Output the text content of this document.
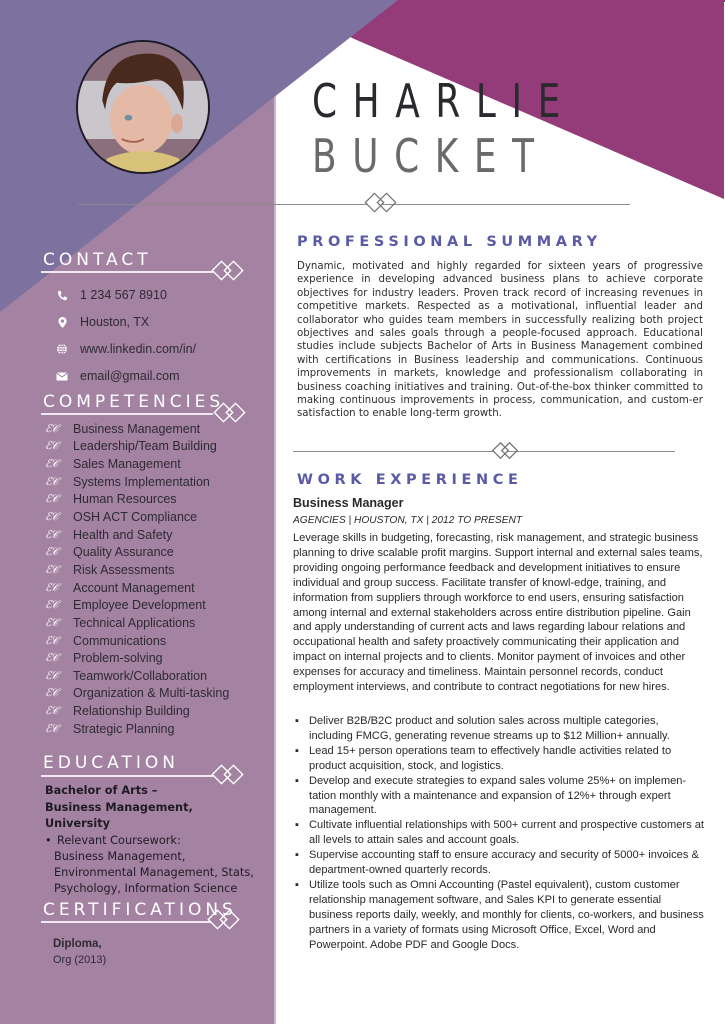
CHARLIE
BUCKET
CONTACT
1 234 567 8910
Houston, TX
www.linkedin.com/in/
email@gmail.com
COMPETENCIES
ℰ𝒞	Business Management
ℰ𝒞	Leadership/Team Building
ℰ𝒞	Sales Management
ℰ𝒞	Systems Implementation
ℰ𝒞	Human Resources
ℰ𝒞	OSH ACT Compliance
ℰ𝒞	Health and Safety
ℰ𝒞	Quality Assurance
ℰ𝒞	Risk Assessments
ℰ𝒞	Account Management
ℰ𝒞	Employee Development
ℰ𝒞	Technical Applications
ℰ𝒞	Communications
ℰ𝒞	Problem-solving
ℰ𝒞	Teamwork/Collaboration
ℰ𝒞	Organization & Multi-tasking
ℰ𝒞	Relationship Building
ℰ𝒞	Strategic Planning
EDUCATION
Bachelor of Arts –
Business Management,
University
• Relevant Coursework:
Business Management, Environmental Management, Stats, Psychology, Information Science
CERTIFICATIONS
Diploma,
Org (2013)
PROFESSIONAL SUMMARY
Dynamic, motivated and highly regarded for sixteen years of progressive experience in developing advanced business plans to achieve corporate objectives for industry leaders. Proven track record of increasing revenues in competitive markets. Respected as a motivational, influential leader and collaborator who guides team members in successfully realizing both project objectives and sales goals through a people-focused approach. Educational studies include subjects Bachelor of Arts in Business Management combined with certifications in Business leadership and communications. Continuous improvements in markets, knowledge and professionalism collaborating in business coaching initiatives and training. Out-of-the-box thinker committed to making continuous improvements in process, communication, and custom-er satisfaction to enable long-term growth.
WORK EXPERIENCE
Business Manager
AGENCIES | HOUSTON, TX | 2012 TO PRESENT
Leverage skills in budgeting, forecasting, risk management, and strategic business planning to drive scalable profit margins. Support internal and external sales teams, providing ongoing performance feedback and development initiatives to ensure individual and group success. Facilitate transfer of knowl-edge, training, and information from suppliers through workforce to end users, ensuring satisfaction among internal and external stakeholders across entire distribution pipeline. Gain and apply understanding of current acts and laws regarding labour relations and occupational health and safety proactively communicating their application and impact on internal projects and to clients. Monitor payment of invoices and other expenses for accuracy and timeliness. Maintain personnel records, conduct employment interviews, and contribute to contract negotiations for new hires.
▪ Deliver B2B/B2C product and solution sales across multiple categories, including FMCG, generating revenue streams up to $12 Million+ annually.
▪ Lead 15+ person operations team to effectively handle activities related to product acquisition, stock, and logistics.
▪ Develop and execute strategies to expand sales volume 25%+ on implemen-tation monthly with a maintenance and expansion of 12%+ through expert management.
▪ Cultivate influential relationships with 500+ current and prospective customers at all levels to attain sales and account goals.
▪ Supervise accounting staff to ensure accuracy and security of 5000+ invoices & department-owned quarterly records.
▪ Utilize tools such as Omni Accounting (Pastel equivalent), custom customer relationship management software, and Sales KPI to generate essential business reports daily, weekly, and monthly for clients, co-workers, and business partners in a variety of formats using Microsoft Office, Excel, Word and Powerpoint. Adobe PDF and Google Docs.
